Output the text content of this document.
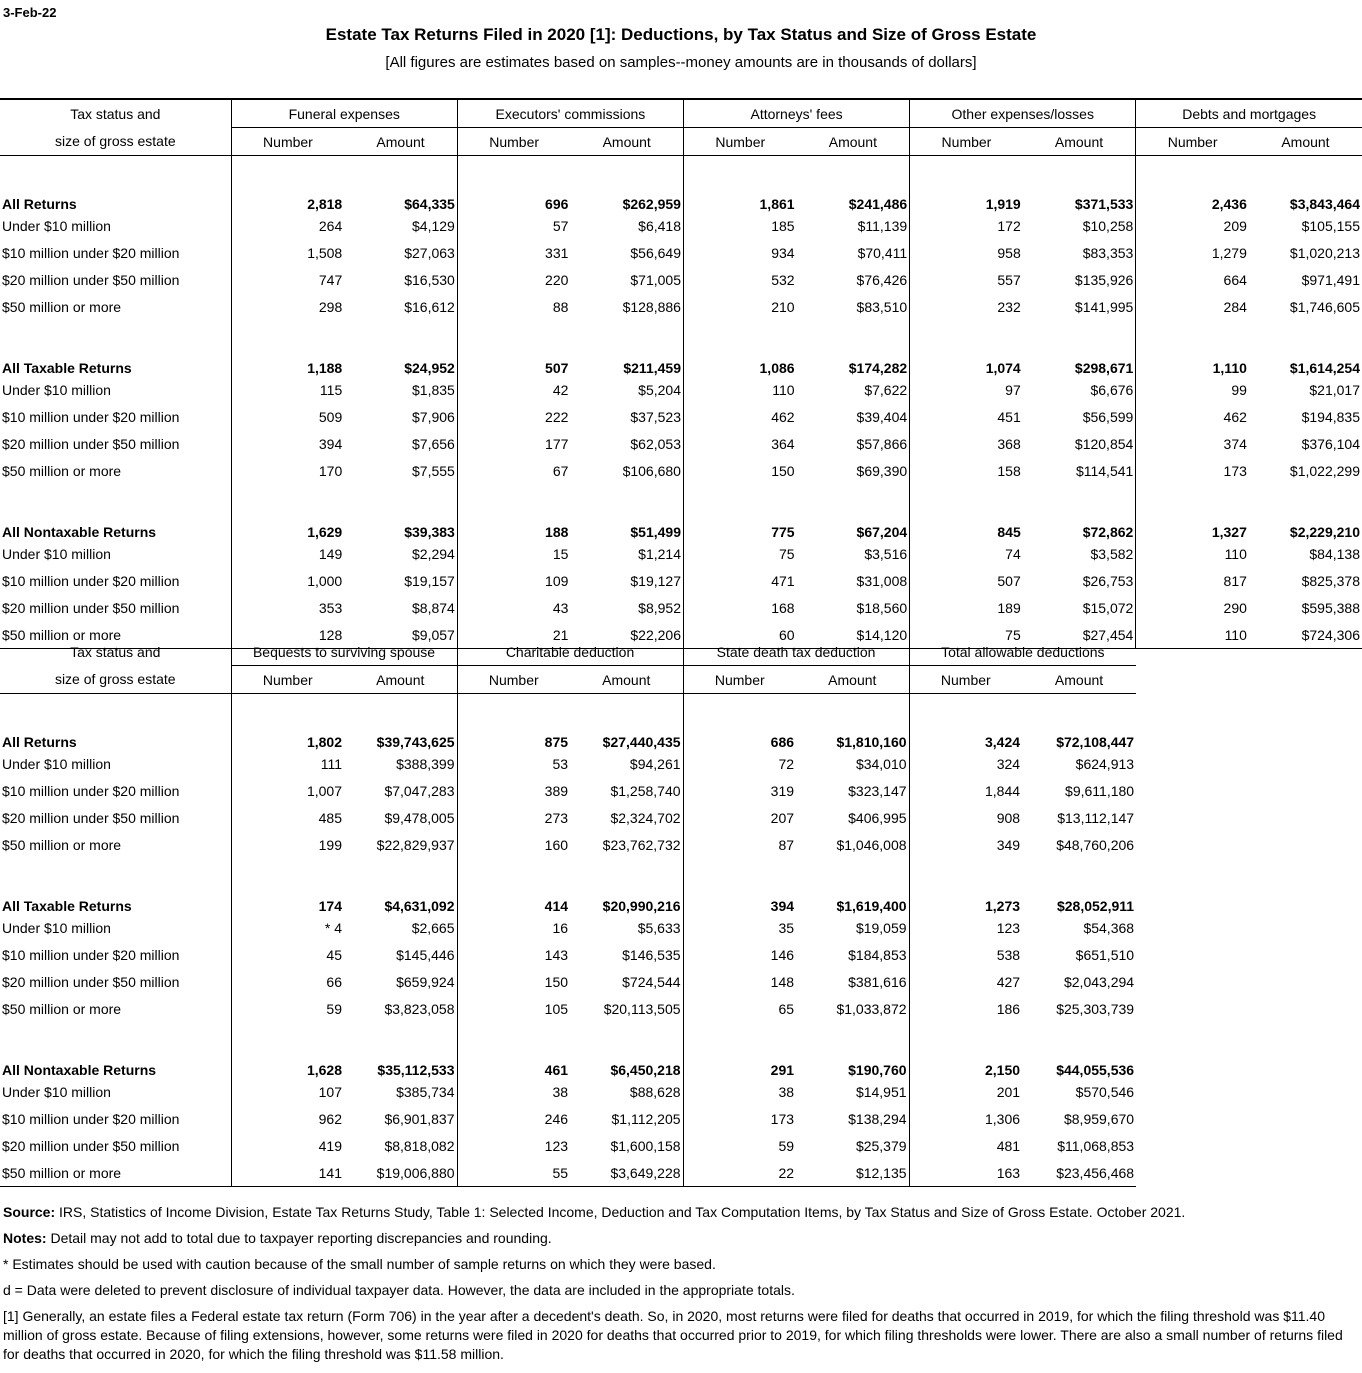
3-Feb-22
Estate Tax Returns Filed in 2020 [1]: Deductions, by Tax Status and Size of Gross Estate
[All figures are estimates based on samples--money amounts are in thousands of dollars]
Tax status and	Funeral expenses		Executors' commissions		Attorneys' fees		Other expenses/losses		Debts and mortgages	
size of gross estate	Number	Amount	Number	Amount	Number	Amount	Number	Amount	Number	Amount

All Returns	2,818	$64,335	696	$262,959	1,861	$241,486	1,919	$371,533	2,436	$3,843,464
Under $10 million	264	$4,129	57	$6,418	185	$11,139	172	$10,258	209	$105,155
$10 million under $20 million	1,508	$27,063	331	$56,649	934	$70,411	958	$83,353	1,279	$1,020,213
$20 million under $50 million	747	$16,530	220	$71,005	532	$76,426	557	$135,926	664	$971,491
$50 million or more	298	$16,612	88	$128,886	210	$83,510	232	$141,995	284	$1,746,605

All Taxable Returns	1,188	$24,952	507	$211,459	1,086	$174,282	1,074	$298,671	1,110	$1,614,254
Under $10 million	115	$1,835	42	$5,204	110	$7,622	97	$6,676	99	$21,017
$10 million under $20 million	509	$7,906	222	$37,523	462	$39,404	451	$56,599	462	$194,835
$20 million under $50 million	394	$7,656	177	$62,053	364	$57,866	368	$120,854	374	$376,104
$50 million or more	170	$7,555	67	$106,680	150	$69,390	158	$114,541	173	$1,022,299

All Nontaxable Returns	1,629	$39,383	188	$51,499	775	$67,204	845	$72,862	1,327	$2,229,210
Under $10 million	149	$2,294	15	$1,214	75	$3,516	74	$3,582	110	$84,138
$10 million under $20 million	1,000	$19,157	109	$19,127	471	$31,008	507	$26,753	817	$825,378
$20 million under $50 million	353	$8,874	43	$8,952	168	$18,560	189	$15,072	290	$595,388
$50 million or more	128	$9,057	21	$22,206	60	$14,120	75	$27,454	110	$724,306
Tax status and	Bequests to surviving spouse		Charitable deduction		State death tax deduction		Total allowable deductions	
size of gross estate	Number	Amount	Number	Amount	Number	Amount	Number	Amount

All Returns	1,802	$39,743,625	875	$27,440,435	686	$1,810,160	3,424	$72,108,447
Under $10 million	111	$388,399	53	$94,261	72	$34,010	324	$624,913
$10 million under $20 million	1,007	$7,047,283	389	$1,258,740	319	$323,147	1,844	$9,611,180
$20 million under $50 million	485	$9,478,005	273	$2,324,702	207	$406,995	908	$13,112,147
$50 million or more	199	$22,829,937	160	$23,762,732	87	$1,046,008	349	$48,760,206

All Taxable Returns	174	$4,631,092	414	$20,990,216	394	$1,619,400	1,273	$28,052,911
Under $10 million	* 4	$2,665	16	$5,633	35	$19,059	123	$54,368
$10 million under $20 million	45	$145,446	143	$146,535	146	$184,853	538	$651,510
$20 million under $50 million	66	$659,924	150	$724,544	148	$381,616	427	$2,043,294
$50 million or more	59	$3,823,058	105	$20,113,505	65	$1,033,872	186	$25,303,739

All Nontaxable Returns	1,628	$35,112,533	461	$6,450,218	291	$190,760	2,150	$44,055,536
Under $10 million	107	$385,734	38	$88,628	38	$14,951	201	$570,546
$10 million under $20 million	962	$6,901,837	246	$1,112,205	173	$138,294	1,306	$8,959,670
$20 million under $50 million	419	$8,818,082	123	$1,600,158	59	$25,379	481	$11,068,853
$50 million or more	141	$19,006,880	55	$3,649,228	22	$12,135	163	$23,456,468

Source: IRS, Statistics of Income Division, Estate Tax Returns Study, Table 1: Selected Income, Deduction and Tax Computation Items, by Tax Status and Size of Gross Estate. October 2021.

Notes: Detail may not add to total due to taxpayer reporting discrepancies and rounding.

* Estimates should be used with caution because of the small number of sample returns on which they were based.

d = Data were deleted to prevent disclosure of individual taxpayer data. However, the data are included in the appropriate totals.

[1] Generally, an estate files a Federal estate tax return (Form 706) in the year after a decedent's death. So, in 2020, most returns were filed for deaths that occurred in 2019, for which the filing threshold was $11.40 million of gross estate. Because of filing extensions, however, some returns were filed in 2020 for deaths that occurred prior to 2019, for which filing thresholds were lower. There are also a small number of returns filed for deaths that occurred in 2020, for which the filing threshold was $11.58 million.
